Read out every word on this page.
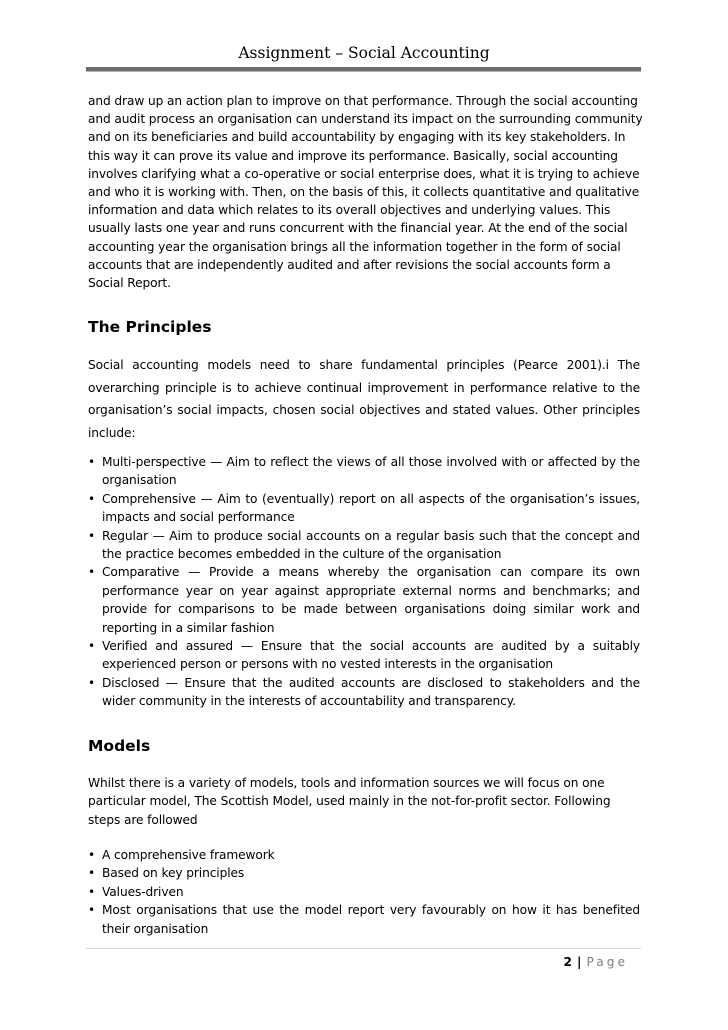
Assignment – Social Accounting

and draw up an action plan to improve on that performance. Through the social accounting and audit process an organisation can understand its impact on the surrounding community and on its beneficiaries and build accountability by engaging with its key stakeholders. In this way it can prove its value and improve its performance. Basically, social accounting involves clarifying what a co-operative or social enterprise does, what it is trying to achieve and who it is working with. Then, on the basis of this, it collects quantitative and qualitative information and data which relates to its overall objectives and underlying values. This usually lasts one year and runs concurrent with the financial year. At the end of the social accounting year the organisation brings all the information together in the form of social accounts that are independently audited and after revisions the social accounts form a Social Report.

The Principles

Social accounting models need to share fundamental principles (Pearce 2001).i The overarching principle is to achieve continual improvement in performance relative to the organisation’s social impacts, chosen social objectives and stated values. Other principles include:

• Multi-perspective — Aim to reflect the views of all those involved with or affected by the organisation
• Comprehensive — Aim to (eventually) report on all aspects of the organisation’s issues, impacts and social performance
• Regular — Aim to produce social accounts on a regular basis such that the concept and the practice becomes embedded in the culture of the organisation
• Comparative — Provide a means whereby the organisation can compare its own performance year on year against appropriate external norms and benchmarks; and provide for comparisons to be made between organisations doing similar work and reporting in a similar fashion
• Verified and assured — Ensure that the social accounts are audited by a suitably experienced person or persons with no vested interests in the organisation
• Disclosed — Ensure that the audited accounts are disclosed to stakeholders and the wider community in the interests of accountability and transparency.
Models

Whilst there is a variety of models, tools and information sources we will focus on one particular model, The Scottish Model, used mainly in the not-for-profit sector. Following steps are followed

• A comprehensive framework
• Based on key principles
• Values-driven
• Most organisations that use the model report very favourably on how it has benefited their organisation
2 | Page
